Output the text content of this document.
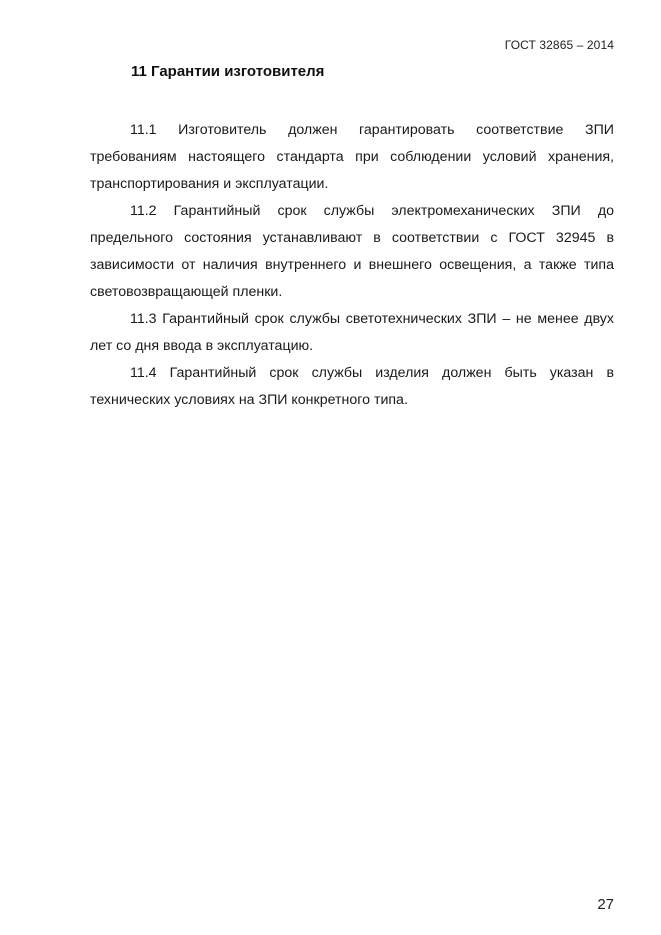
ГОСТ 32865 – 2014
11 Гарантии изготовителя

11.1 Изготовитель должен гарантировать соответствие ЗПИ требованиям настоящего стандарта при соблюдении условий хранения, транспортирования и эксплуатации.

11.2 Гарантийный срок службы электромеханических ЗПИ до предельного состояния устанавливают в соответствии с ГОСТ 32945 в зависимости от наличия внутреннего и внешнего освещения, а также типа световозвращающей пленки.

11.3 Гарантийный срок службы светотехнических ЗПИ – не менее двух лет со дня ввода в эксплуатацию.

11.4 Гарантийный срок службы изделия должен быть указан в технических условиях на ЗПИ конкретного типа.

27
